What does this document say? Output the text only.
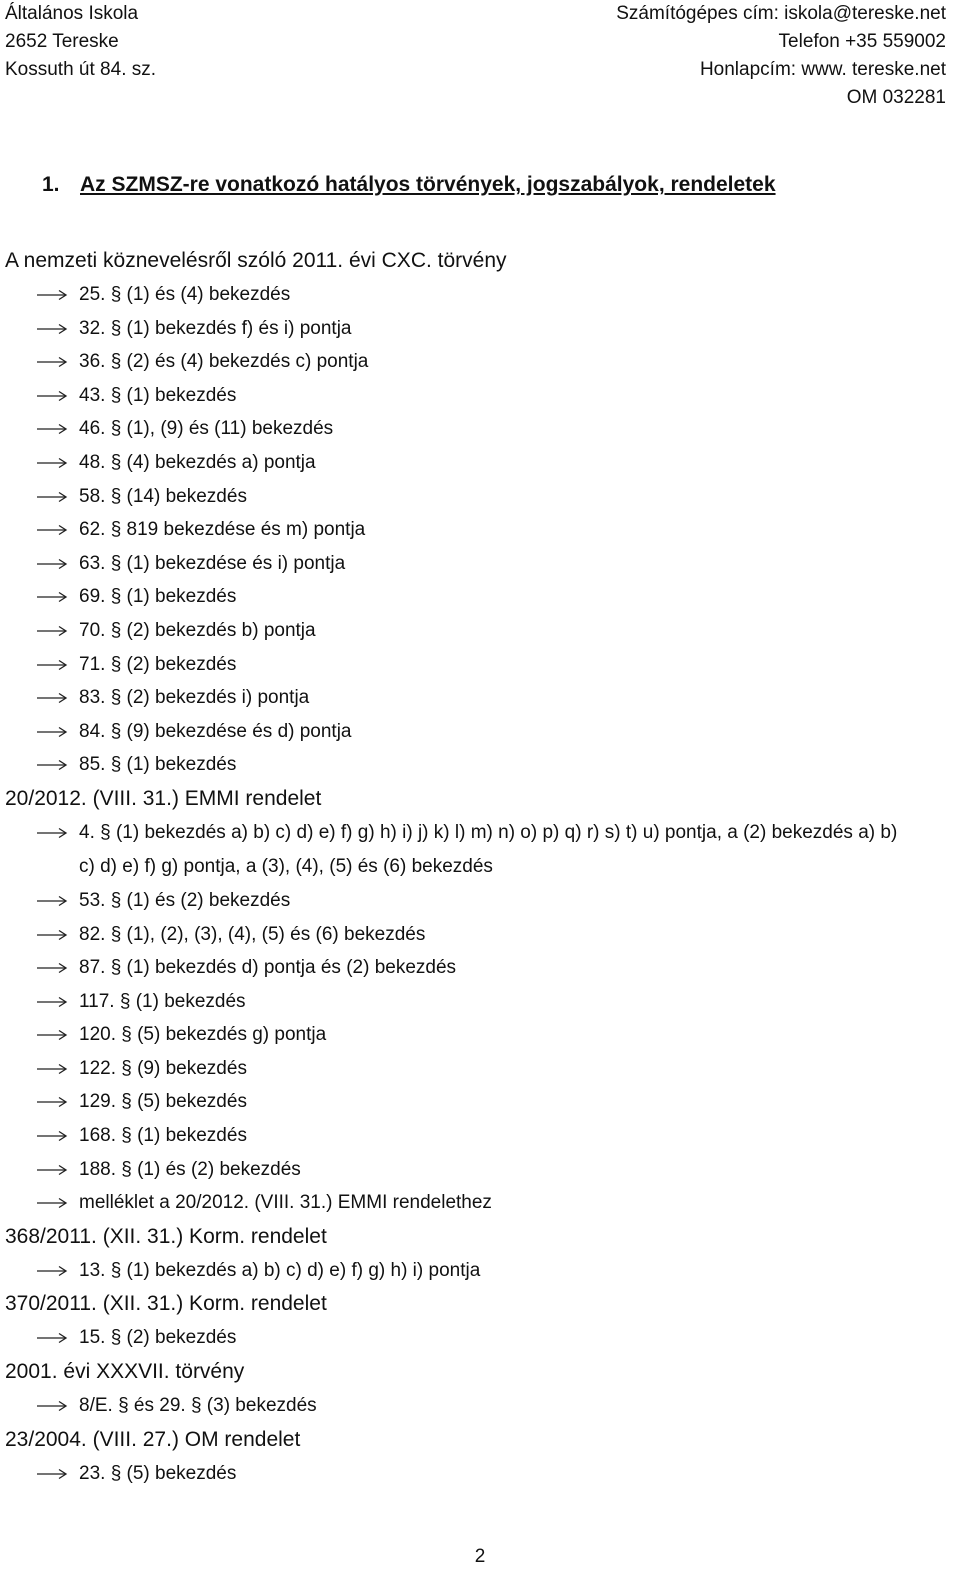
Általános Iskola
2652 Tereske
Kossuth út 84. sz.
Számítógépes cím: iskola@tereske.net
Telefon +35 559002
Honlapcím: www. tereske.net
OM 032281
1. Az SZMSZ-re vonatkozó hatályos törvények, jogszabályok, rendeletek
A nemzeti köznevelésről szóló 2011. évi CXC. törvény
25. § (1) és (4) bekezdés
32. § (1) bekezdés f) és i) pontja
36. § (2) és (4) bekezdés c) pontja
43. § (1) bekezdés
46. § (1), (9) és (11) bekezdés
48. § (4) bekezdés a) pontja
58. § (14) bekezdés
62. § 819 bekezdése és m) pontja
63. § (1) bekezdése és i) pontja
69. § (1) bekezdés
70. § (2) bekezdés b) pontja
71. § (2) bekezdés
83. § (2) bekezdés i) pontja
84. § (9) bekezdése és d) pontja
85. § (1) bekezdés
20/2012. (VIII. 31.) EMMI rendelet
4. § (1) bekezdés a) b) c) d) e) f) g) h) i) j) k) l) m) n) o) p) q) r) s) t) u) pontja, a (2) bekezdés a) b) c) d) e) f) g) pontja, a (3), (4), (5) és (6) bekezdés
53. § (1) és (2) bekezdés
82. § (1), (2), (3), (4), (5) és (6) bekezdés
87. § (1) bekezdés d) pontja és (2) bekezdés
117. § (1) bekezdés
120. § (5) bekezdés g) pontja
122. § (9) bekezdés
129. § (5) bekezdés
168. § (1) bekezdés
188. § (1) és (2) bekezdés
melléklet a 20/2012. (VIII. 31.) EMMI rendelethez
368/2011. (XII. 31.) Korm. rendelet
13. § (1) bekezdés a) b) c) d) e) f) g) h) i) pontja
370/2011. (XII. 31.) Korm. rendelet
15. § (2) bekezdés
2001. évi XXXVII. törvény
8/E. § és 29. § (3) bekezdés
23/2004. (VIII. 27.) OM rendelet
23. § (5) bekezdés
2
